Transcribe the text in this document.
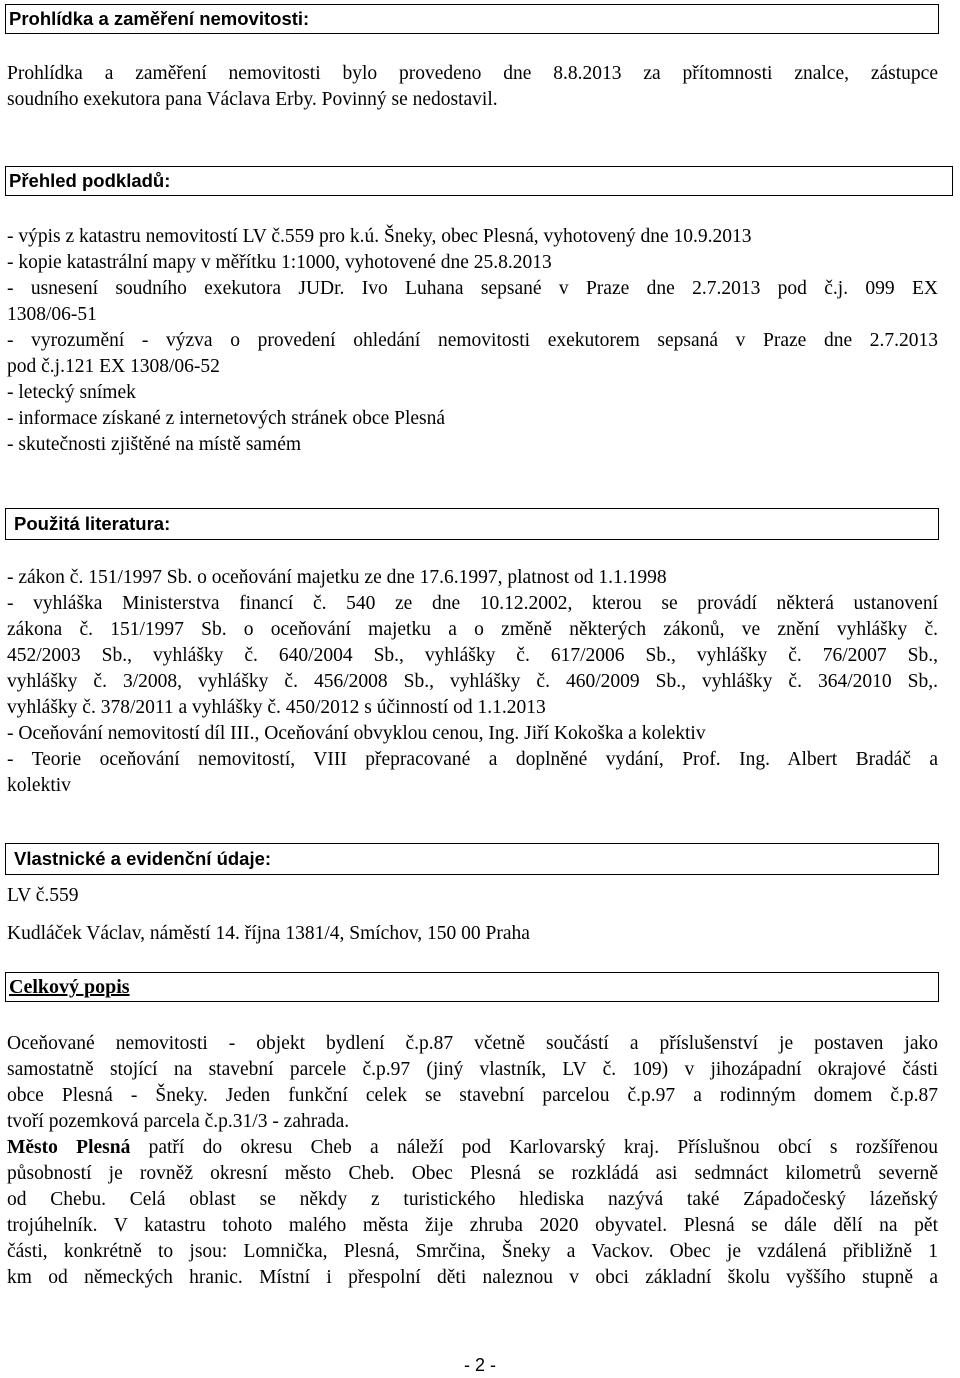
Prohlídka a zaměření nemovitosti:
Prohlídka a zaměření nemovitosti bylo provedeno dne 8.8.2013 za přítomnosti znalce, zástupce
soudního exekutora pana Václava Erby. Povinný se nedostavil.
Přehled podkladů:
- výpis z katastru nemovitostí LV č.559 pro k.ú. Šneky, obec Plesná, vyhotovený dne 10.9.2013
- kopie katastrální mapy v měřítku 1:1000, vyhotovené dne 25.8.2013
- usnesení soudního exekutora JUDr. Ivo Luhana sepsané v Praze dne 2.7.2013 pod č.j. 099 EX
1308/06-51
- vyrozumění - výzva o provedení ohledání nemovitosti exekutorem sepsaná v Praze dne 2.7.2013
pod č.j.121 EX 1308/06-52
- letecký snímek
- informace získané z internetových stránek obce Plesná
- skutečnosti zjištěné na místě samém
Použitá literatura:
- zákon č. 151/1997 Sb. o oceňování majetku ze dne 17.6.1997, platnost od 1.1.1998
- vyhláška Ministerstva financí č. 540 ze dne 10.12.2002, kterou se provádí některá ustanovení
zákona č. 151/1997 Sb. o oceňování majetku a o změně některých zákonů, ve znění vyhlášky č.
452/2003 Sb., vyhlášky č. 640/2004 Sb., vyhlášky č. 617/2006 Sb., vyhlášky č. 76/2007 Sb.,
vyhlášky č. 3/2008, vyhlášky č. 456/2008 Sb., vyhlášky č. 460/2009 Sb., vyhlášky č. 364/2010 Sb,.
vyhlášky č. 378/2011 a vyhlášky č. 450/2012 s účinností od 1.1.2013
- Oceňování nemovitostí díl III., Oceňování obvyklou cenou, Ing. Jiří Kokoška a kolektiv
- Teorie oceňování nemovitostí, VIII přepracované a doplněné vydání, Prof. Ing. Albert Bradáč a
kolektiv
Vlastnické a evidenční údaje:
LV č.559
Kudláček Václav, náměstí 14. října 1381/4, Smíchov, 150 00 Praha
Celkový popis
Oceňované nemovitosti - objekt bydlení č.p.87 včetně součástí a příslušenství je postaven jako
samostatně stojící na stavební parcele č.p.97 (jiný vlastník, LV č. 109) v jihozápadní okrajové části
obce Plesná - Šneky. Jeden funkční celek se stavební parcelou č.p.97 a rodinným domem č.p.87
tvoří pozemková parcela č.p.31/3 - zahrada.
Město Plesná patří do okresu Cheb a náleží pod Karlovarský kraj. Příslušnou obcí s rozšířenou
působností je rovněž okresní město Cheb. Obec Plesná se rozkládá asi sedmnáct kilometrů severně
od Chebu. Celá oblast se někdy z turistického hlediska nazývá také Západočeský lázeňský
trojúhelník. V katastru tohoto malého města žije zhruba 2020 obyvatel. Plesná se dále dělí na pět
části, konkrétně to jsou: Lomnička, Plesná, Smrčina, Šneky a Vackov. Obec je vzdálená přibližně 1
km od německých hranic. Místní i přespolní děti naleznou v obci základní školu vyššího stupně a
- 2 -
